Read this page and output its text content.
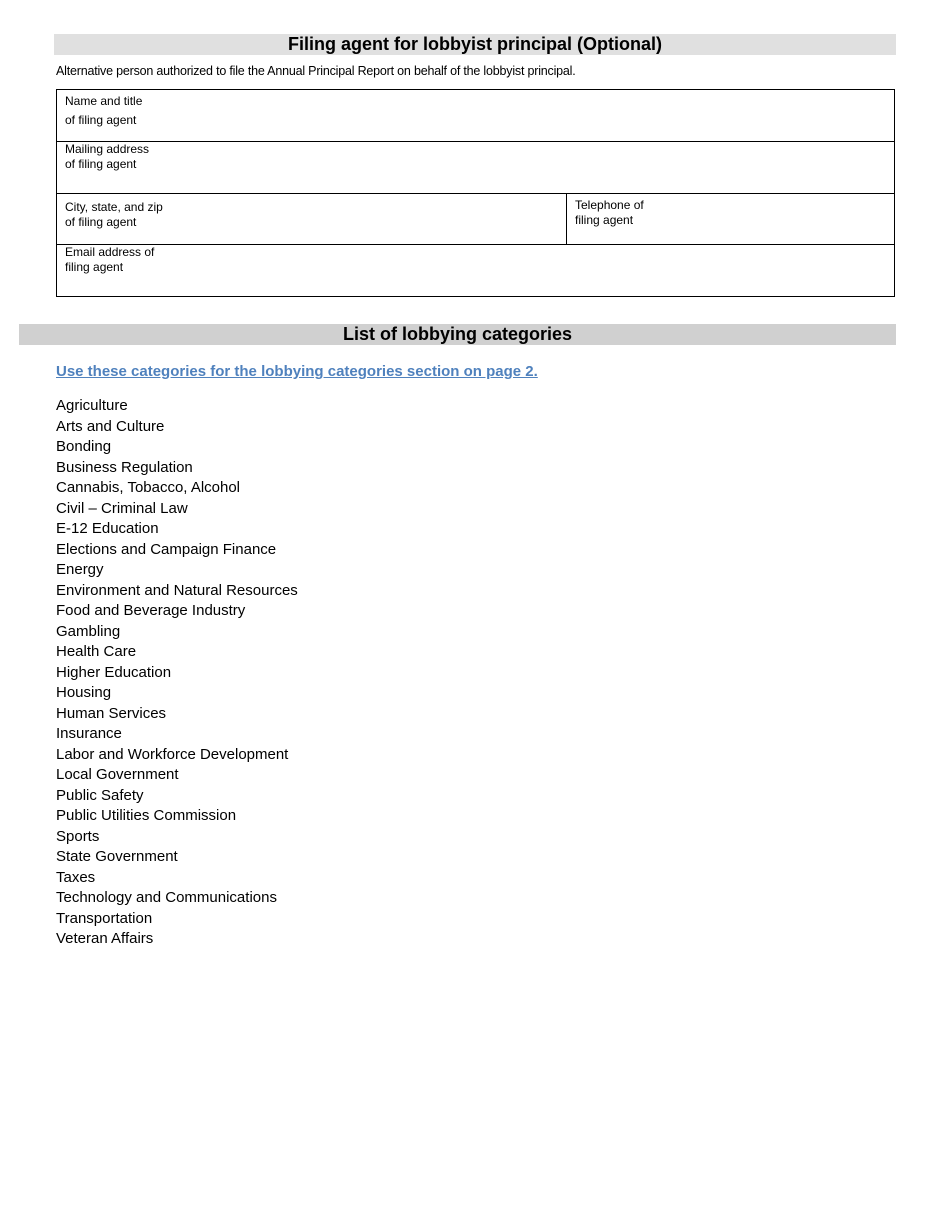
Filing agent for lobbyist principal (Optional)
Alternative person authorized to file the Annual Principal Report on behalf of the lobbyist principal.
Name and title
of filing agent
Mailing address
of filing agent
City, state, and zip
of filing agent
Telephone of
filing agent
Email address of
filing agent
List of lobbying categories
Use these categories for the lobbying categories section on page 2.
Agriculture
Arts and Culture
Bonding
Business Regulation
Cannabis, Tobacco, Alcohol
Civil – Criminal Law
E-12 Education
Elections and Campaign Finance
Energy
Environment and Natural Resources
Food and Beverage Industry
Gambling
Health Care
Higher Education
Housing
Human Services
Insurance
Labor and Workforce Development
Local Government
Public Safety
Public Utilities Commission
Sports
State Government
Taxes
Technology and Communications
Transportation
Veteran Affairs
